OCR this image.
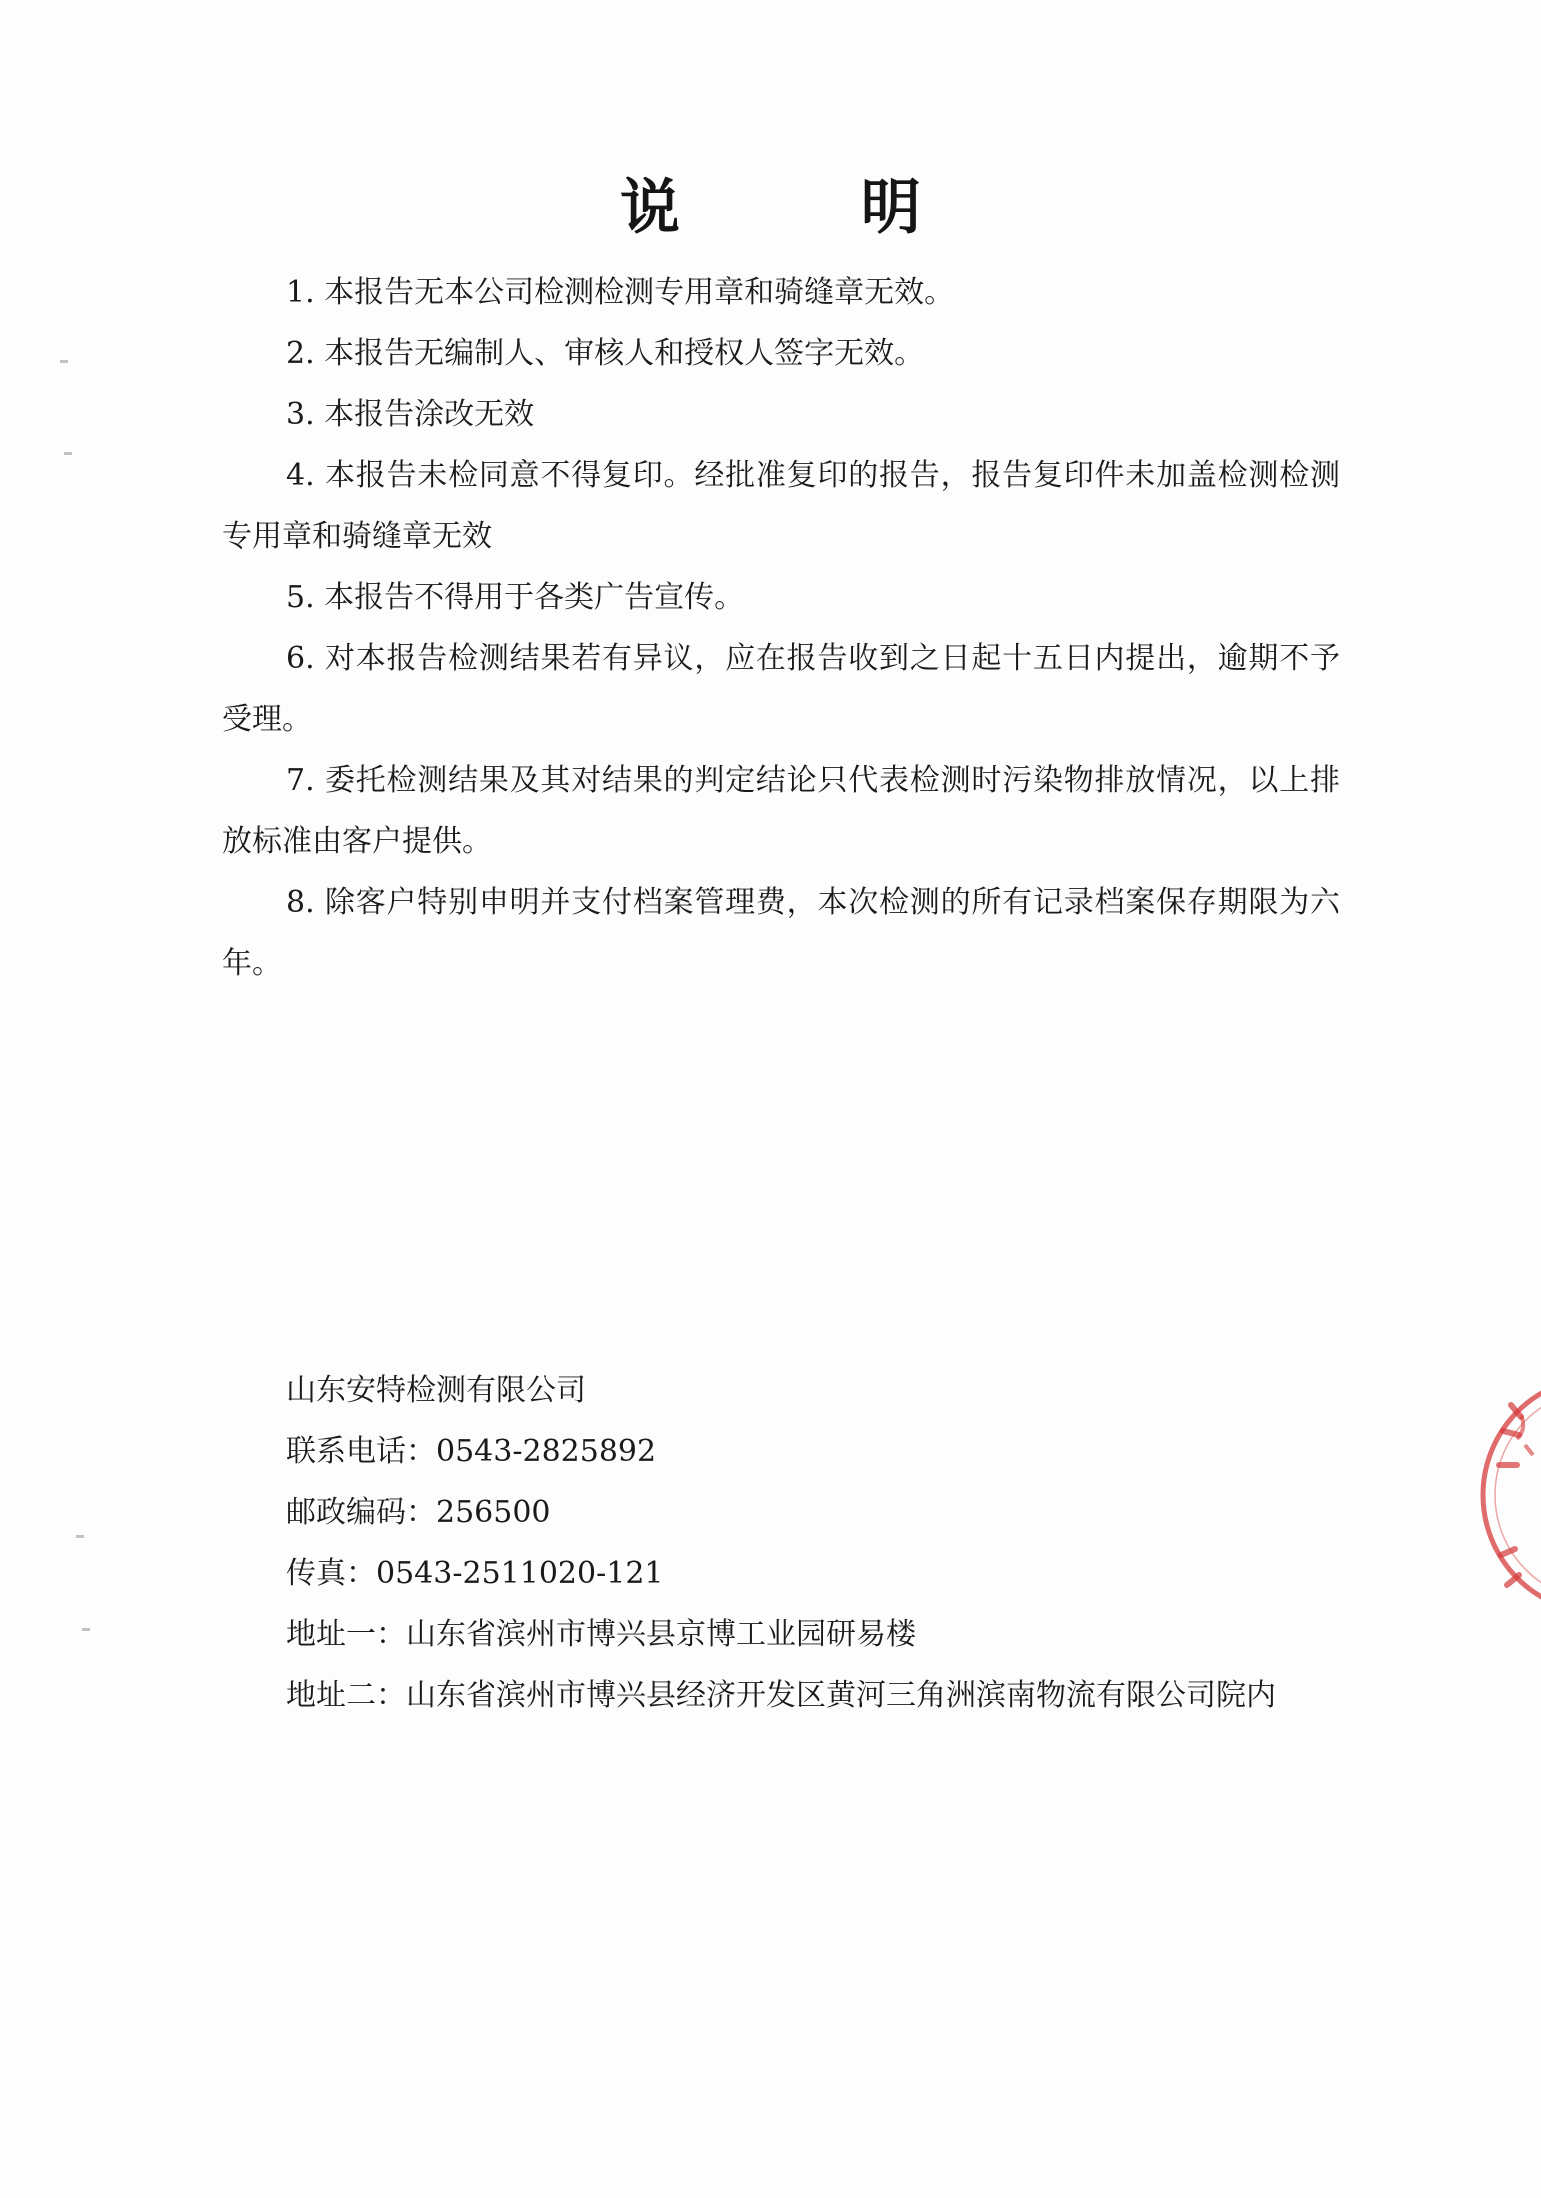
说 明

1. 本报告无本公司检测检测专用章和骑缝章无效。

2. 本报告无编制人、审核人和授权人签字无效。

3. 本报告涂改无效

4. 本报告未检同意不得复印。经批准复印的报告，报告复印件未加盖检测检测专用章和骑缝章无效

5. 本报告不得用于各类广告宣传。

6. 对本报告检测结果若有异议，应在报告收到之日起十五日内提出，逾期不予受理。

7. 委托检测结果及其对结果的判定结论只代表检测时污染物排放情况，以上排放标准由客户提供。

8. 除客户特别申明并支付档案管理费，本次检测的所有记录档案保存期限为六年。

山东安特检测有限公司

联系电话：0543-2825892

邮政编码：256500

传真：0543-2511020-121

地址一：山东省滨州市博兴县京博工业园研易楼

地址二：山东省滨州市博兴县经济开发区黄河三角洲滨南物流有限公司院内
